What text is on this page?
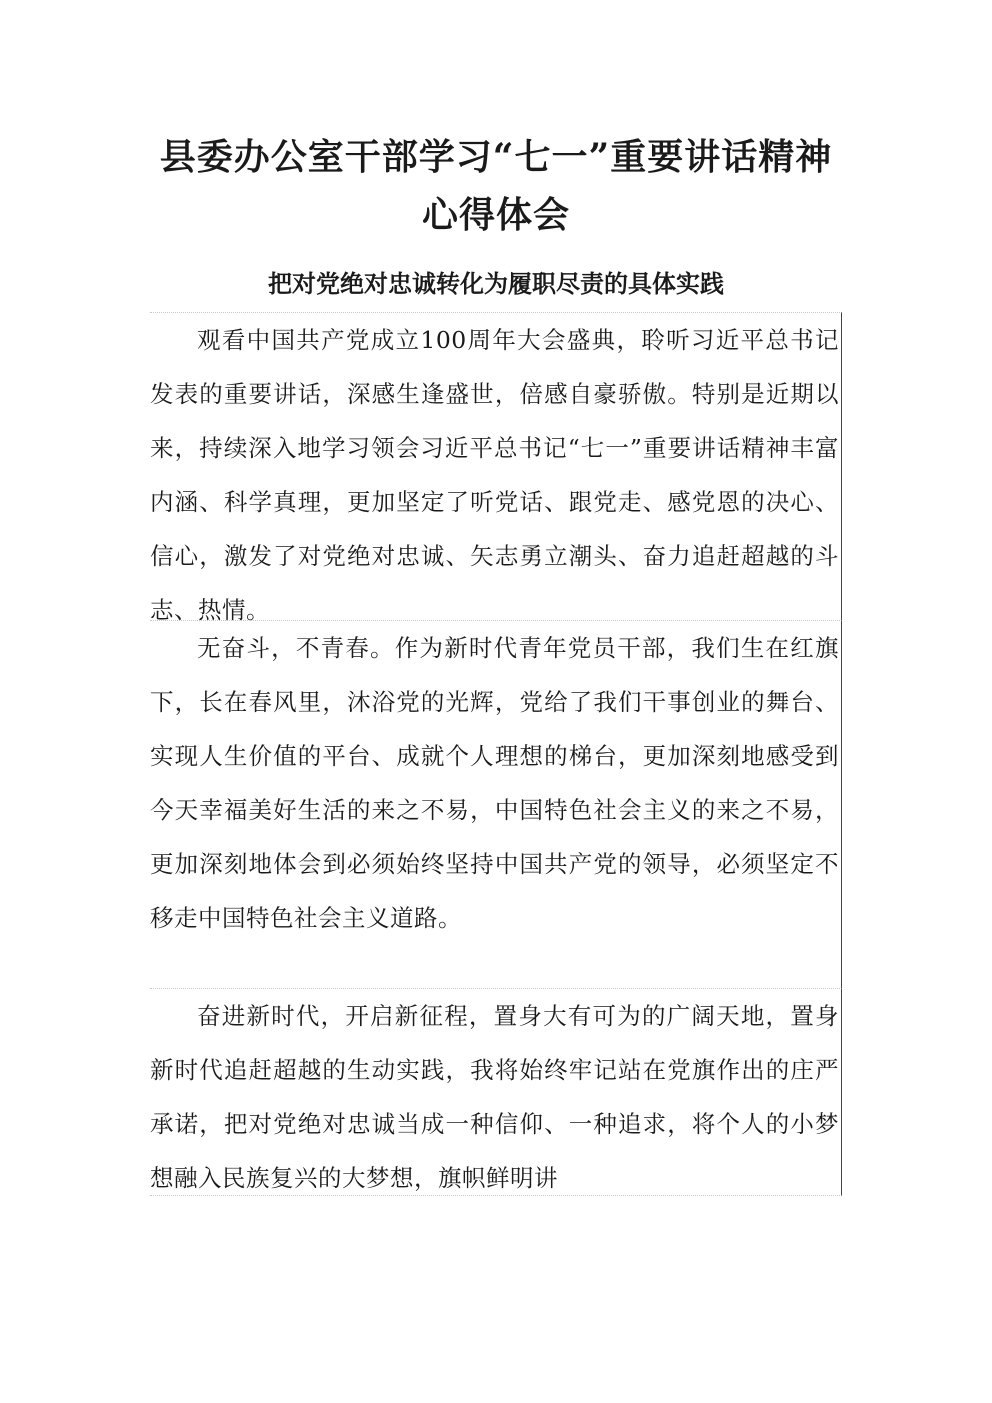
县委办公室干部学习“七一”重要讲话精神心得体会
把对党绝对忠诚转化为履职尽责的具体实践

观看中国共产党成立100周年大会盛典，聆听习近平总书记发表的重要讲话，深感生逢盛世，倍感自豪骄傲。特别是近期以来，持续深入地学习领会习近平总书记“七一”重要讲话精神丰富内涵、科学真理，更加坚定了听党话、跟党走、感党恩的决心、信心，激发了对党绝对忠诚、矢志勇立潮头、奋力追赶超越的斗志、热情。

无奋斗，不青春。作为新时代青年党员干部，我们生在红旗下，长在春风里，沐浴党的光辉，党给了我们干事创业的舞台、实现人生价值的平台、成就个人理想的梯台，更加深刻地感受到今天幸福美好生活的来之不易，中国特色社会主义的来之不易，更加深刻地体会到必须始终坚持中国共产党的领导，必须坚定不移走中国特色社会主义道路。

奋进新时代，开启新征程，置身大有可为的广阔天地，置身新时代追赶超越的生动实践，我将始终牢记站在党旗作出的庄严承诺，把对党绝对忠诚当成一种信仰、一种追求，将个人的小梦想融入民族复兴的大梦想，旗帜鲜明讲
